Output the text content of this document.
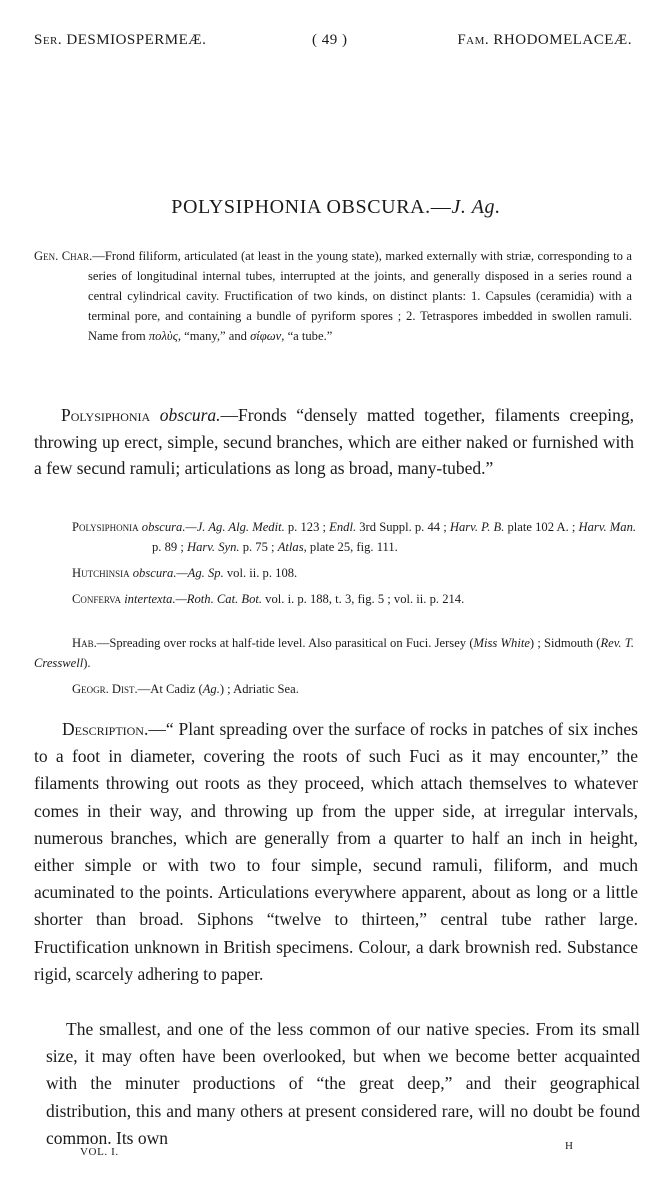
Ser. DESMIOSPERMEÆ.	( 49 )	Fam. RHODOMELACEÆ.
POLYSIPHONIA OBSCURA.—J. Ag.
Gen. Char.—Frond filiform, articulated (at least in the young state), marked externally with striæ, corresponding to a series of longitudinal internal tubes, interrupted at the joints, and generally disposed in a series round a central cylindrical cavity. Fructification of two kinds, on distinct plants: 1. Capsules (ceramidia) with a terminal pore, and containing a bundle of pyriform spores ; 2. Tetraspores imbedded in swollen ramuli. Name from πολὺς, “many,” and σίφων, “a tube.”
Polysiphonia obscura.—Fronds “densely matted together, filaments creeping, throwing up erect, simple, secund branches, which are either naked or furnished with a few secund ramuli; articulations as long as broad, many-tubed.”

Polysiphonia obscura.—J. Ag. Alg. Medit. p. 123 ; Endl. 3rd Suppl. p. 44 ; Harv. P. B. plate 102 A. ; Harv. Man. p. 89 ; Harv. Syn. p. 75 ; Atlas, plate 25, fig. 111.

Hutchinsia obscura.—Ag. Sp. vol. ii. p. 108.

Conferva intertexta.—Roth. Cat. Bot. vol. i. p. 188, t. 3, fig. 5 ; vol. ii. p. 214.

Hab.—Spreading over rocks at half-tide level. Also parasitical on Fuci. Jersey (Miss White) ; Sidmouth (Rev. T. Cresswell).

Geogr. Dist.—At Cadiz (Ag.) ; Adriatic Sea.

Description.—“ Plant spreading over the surface of rocks in patches of six inches to a foot in diameter, covering the roots of such Fuci as it may encounter,” the filaments throwing out roots as they proceed, which attach themselves to whatever comes in their way, and throwing up from the upper side, at irregular intervals, numerous branches, which are generally from a quarter to half an inch in height, either simple or with two to four simple, secund ramuli, filiform, and much acuminated to the points. Articulations everywhere apparent, about as long or a little shorter than broad. Siphons “twelve to thirteen,” central tube rather large. Fructification unknown in British specimens. Colour, a dark brownish red. Substance rigid, scarcely adhering to paper.
The smallest, and one of the less common of our native species. From its small size, it may often have been overlooked, but when we become better acquainted with the minuter productions of “the great deep,” and their geographical distribution, this and many others at present considered rare, will no doubt be found common. Its own
VOL. I.	H
